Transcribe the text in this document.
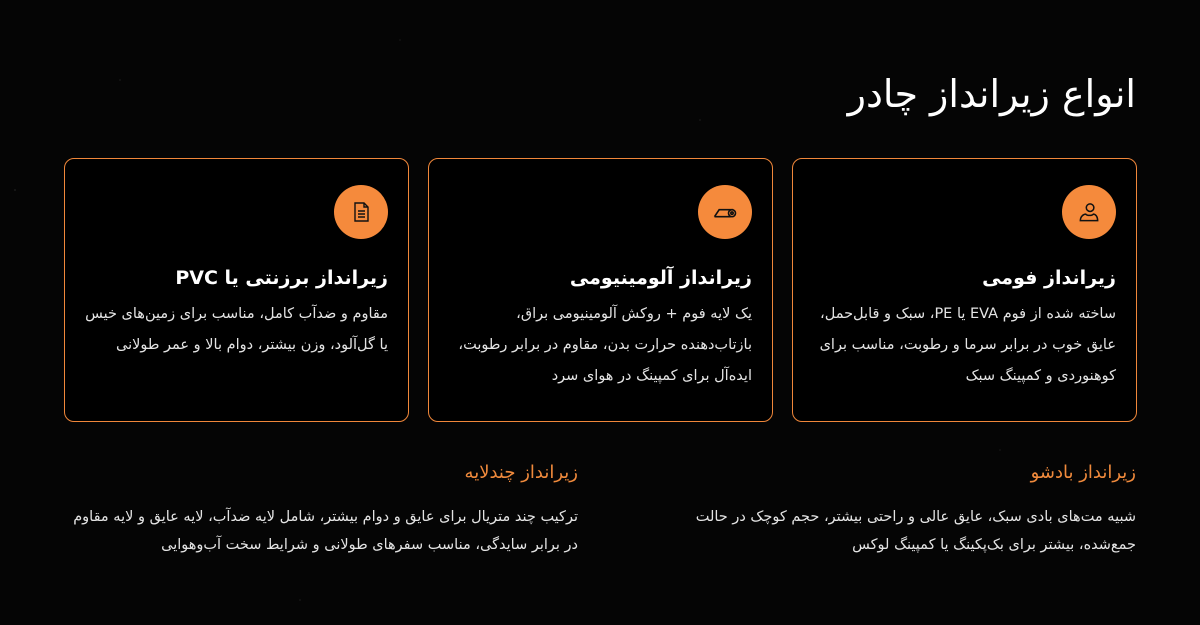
انواع زیرانداز چادر
زیرانداز فومی
ساخته شده از فوم EVA یا PE، سبک و قابل‌حمل، عایق خوب در برابر سرما و رطوبت، مناسب برای کوهنوردی و کمپینگ سبک
زیرانداز آلومینیومی
یک لایه فوم + روکش آلومینیومی براق، بازتاب‌دهنده حرارت بدن، مقاوم در برابر رطوبت، ایده‌آل برای کمپینگ در هوای سرد
زیرانداز برزنتی یا PVC
مقاوم و ضدآب کامل، مناسب برای زمین‌های خیس یا گل‌آلود، وزن بیشتر، دوام بالا و عمر طولانی
زیرانداز بادشو
شبیه مت‌های بادی سبک، عایق عالی و راحتی بیشتر، حجم کوچک در حالت جمع‌شده، بیشتر برای بک‌پکینگ یا کمپینگ لوکس
زیرانداز چندلایه
ترکیب چند متریال برای عایق و دوام بیشتر، شامل لایه ضدآب، لایه عایق و لایه مقاوم در برابر سایدگی، مناسب سفرهای طولانی و شرایط سخت آب‌وهوایی
